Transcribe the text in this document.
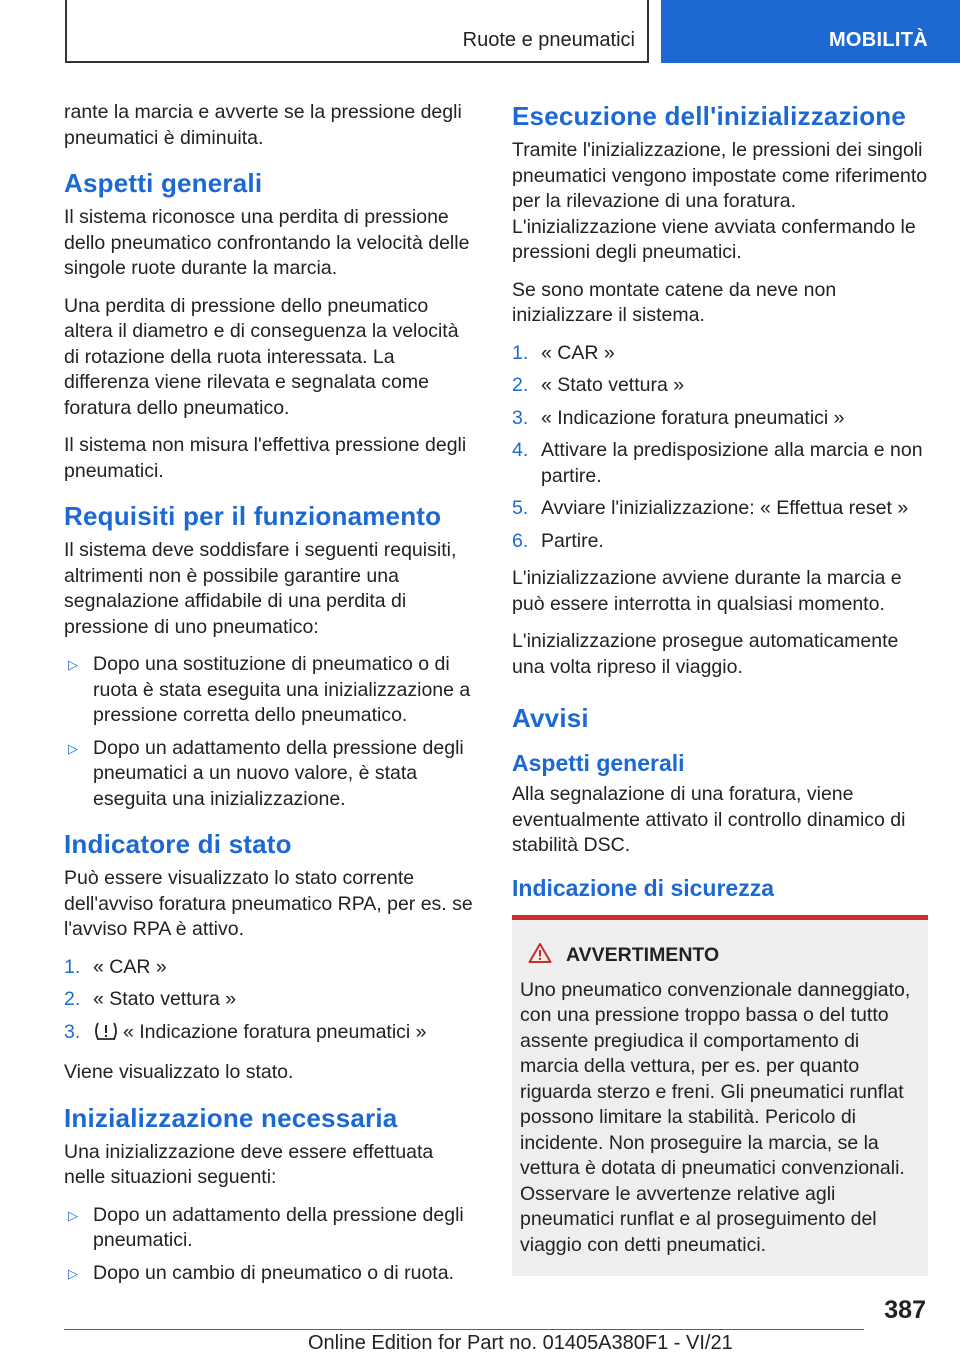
Ruote e pneumatici	MOBILITÀ

rante la marcia e avverte se la pressione degli pneumatici è diminuita.

Aspetti generali

Il sistema riconosce una perdita di pressione dello pneumatico confrontando la velocità delle singole ruote durante la marcia.

Una perdita di pressione dello pneumatico altera il diametro e di conseguenza la velocità di rotazione della ruota interessata. La differenza viene rilevata e segnalata come foratura dello pneumatico.

Il sistema non misura l'effettiva pressione degli pneumatici.

Requisiti per il funzionamento

Il sistema deve soddisfare i seguenti requisiti, altrimenti non è possibile garantire una segnalazione affidabile di una perdita di pressione di uno pneumatico:

▷ Dopo una sostituzione di pneumatico o di ruota è stata eseguita una inizializzazione a pressione corretta dello pneumatico.
▷ Dopo un adattamento della pressione degli pneumatici a un nuovo valore, è stata eseguita una inizializzazione.
Indicatore di stato

Può essere visualizzato lo stato corrente dell'avviso foratura pneumatico RPA, per es. se l'avviso RPA è attivo.

1. « CAR »
2. « Stato vettura »
3. « Indicazione foratura pneumatici »

Viene visualizzato lo stato.

Inizializzazione necessaria

Una inizializzazione deve essere effettuata nelle situazioni seguenti:

▷ Dopo un adattamento della pressione degli pneumatici.
▷ Dopo un cambio di pneumatico o di ruota.
Esecuzione dell'inizializzazione

Tramite l'inizializzazione, le pressioni dei singoli pneumatici vengono impostate come riferimento per la rilevazione di una foratura. L'inizializzazione viene avviata confermando le pressioni degli pneumatici.

Se sono montate catene da neve non inizializzare il sistema.

1. « CAR »
2. « Stato vettura »
3. « Indicazione foratura pneumatici »
4. Attivare la predisposizione alla marcia e non partire.
5. Avviare l'inizializzazione: « Effettua reset »
6. Partire.

L'inizializzazione avviene durante la marcia e può essere interrotta in qualsiasi momento.

L'inizializzazione prosegue automaticamente una volta ripreso il viaggio.

Avvisi
Aspetti generali

Alla segnalazione di una foratura, viene eventualmente attivato il controllo dinamico di stabilità DSC.

Indicazione di sicurezza
AVVERTIMENTO

Uno pneumatico convenzionale danneggiato, con una pressione troppo bassa o del tutto assente pregiudica il comportamento di marcia della vettura, per es. per quanto riguarda sterzo e freni. Gli pneumatici runflat possono limitare la stabilità. Pericolo di incidente. Non proseguire la marcia, se la vettura è dotata di pneumatici convenzionali. Osservare le avvertenze relative agli pneumatici runflat e al proseguimento del viaggio con detti pneumatici.

387
Online Edition for Part no. 01405A380F1 - VI/21
